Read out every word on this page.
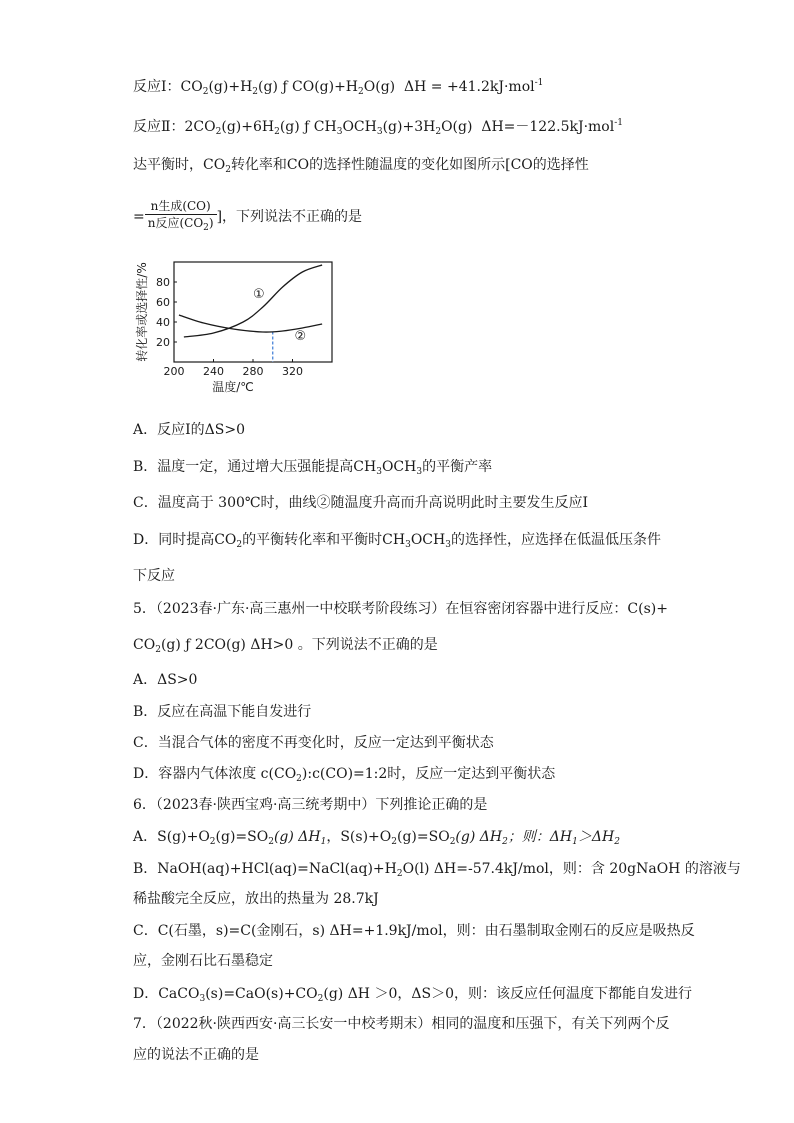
反应Ⅰ：$CO_2(g)+H_2(g)$ ƒ $CO(g)+H_2O(g) \Delta H = +41.2kJ\cdot mol^{-1}$
反应Ⅱ：$2CO_2(g)+6H_2(g)$ ƒ $CH_3OCH_3(g)+3H_2O(g)$ ΔH=－122.5kJ·mol$^{-1}$
达平衡时，$CO_2$转化率和CO的选择性随温度的变化如图所示[CO的选择性
= $\frac{\text{n生成(CO)}}{n反应(CO_2)}$ ]，下列说法不正确的是
200 240 280 320
20
40
60
80
温度/℃
转化率或选择性/%	①
②
A．反应Ⅰ的ΔS>0
B．温度一定，通过增大压强能提高$CH_3OCH_3$的平衡产率
C．温度高于 300℃时，曲线②随温度升高而升高说明此时主要发生反应Ⅰ
D．同时提高$CO_2$的平衡转化率和平衡时$CH_3OCH_3$的选择性，应选择在低温低压条件
下反应
5．（2023春·广东·高三惠州一中校联考阶段练习）在恒容密闭容器中进行反应：C(s)+
$CO_2(g)$ ƒ 2CO(g) ΔH>0 。下列说法不正确的是
A．ΔS>0
B．反应在高温下能自发进行
C．当混合气体的密度不再变化时，反应一定达到平衡状态
D．容器内气体浓度 $c(CO_2):c(CO)=1:2$时，反应一定达到平衡状态
6．（2023春·陕西宝鸡·高三统考期中）下列推论正确的是
A．$S(g)+O_2(g)=SO_2(g)$ $\Delta H_1$，$S(s)+O_2(g)=SO_2(g)$ $\Delta H_2$；则：$\Delta H_1>\Delta H_2$
B．$NaOH(aq)+HCl(aq)=NaCl(aq)+H_2O(l)$ ΔH=-57.4kJ/mol，则：含 20gNaOH 的溶液与
稀盐酸完全反应，放出的热量为 28.7kJ
C．C(石墨，s)=C(金刚石，s) ΔH=+1.9kJ/mol，则：由石墨制取金刚石的反应是吸热反
应，金刚石比石墨稳定
D．$CaCO_3(s)=CaO(s)+CO_2(g)$ ΔH ＞0，ΔS＞0，则：该反应任何温度下都能自发进行
7．（2022秋·陕西西安·高三长安一中校考期末）相同的温度和压强下，有关下列两个反
应的说法不正确的是
